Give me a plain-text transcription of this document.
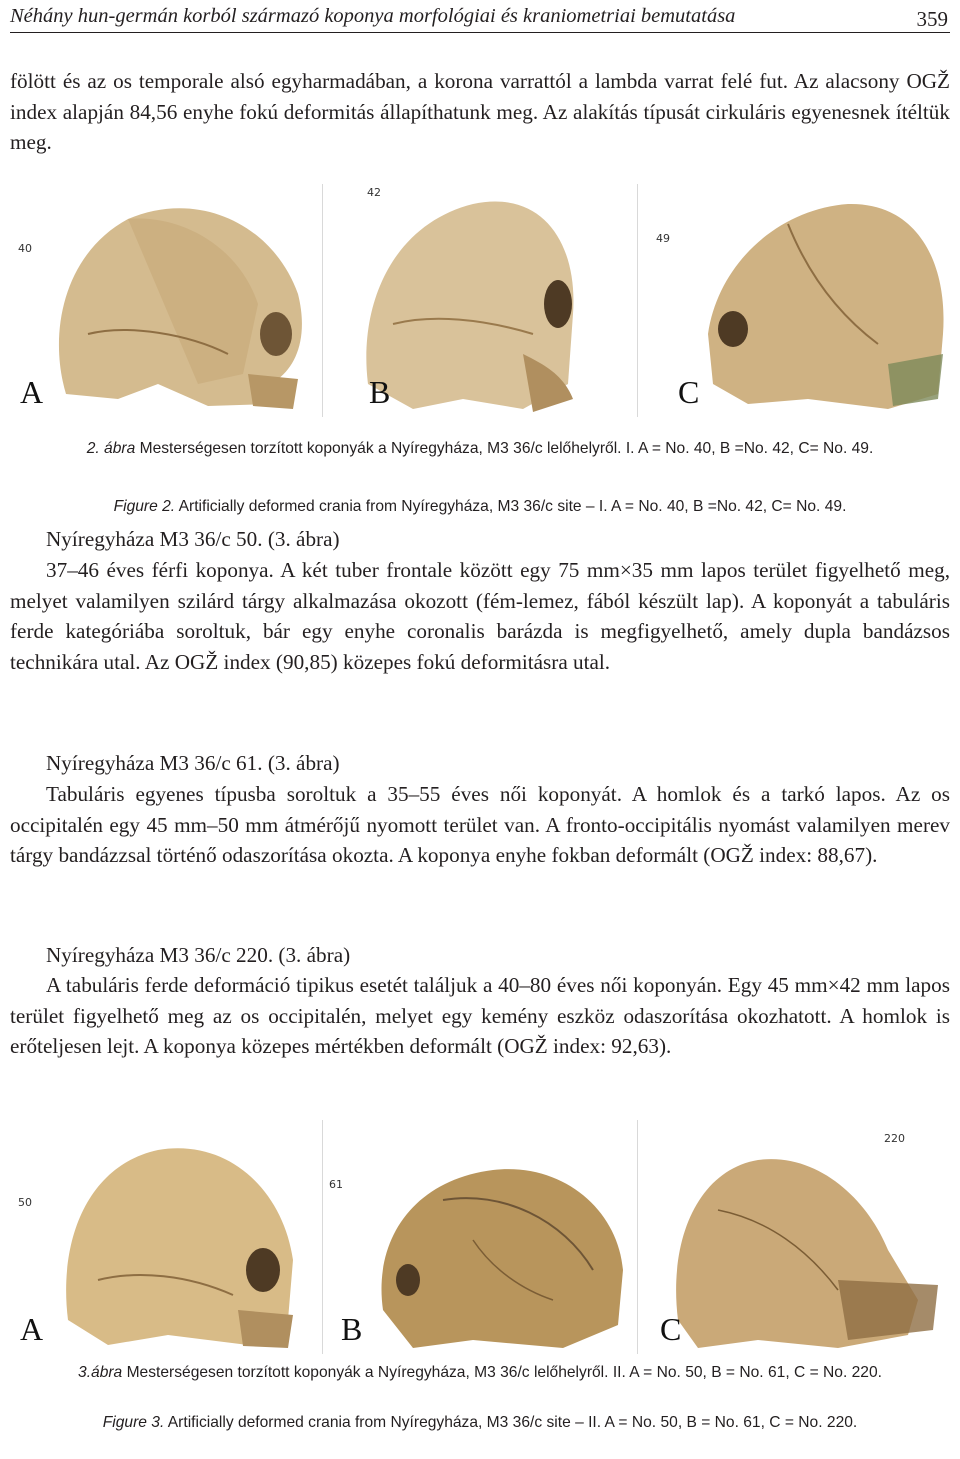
Néhány hun-germán korból származó koponya morfológiai és kraniometriai bemutatása	359

fölött és az os temporale alsó egyharmadában, a korona varrattól a lambda varrat felé fut. Az alacsony OGŽ index alapján 84,56 enyhe fokú deformitás állapíthatunk meg. Az alakítás típusát cirkuláris egyenesnek ítéltük meg.

40
A
42
B
49
C

2. ábra Mesterségesen torzított koponyák a Nyíregyháza, M3 36/c lelőhelyről. I. A = No. 40, B =No. 42, C= No. 49.

Figure 2. Artificially deformed crania from Nyíregyháza, M3 36/c site – I. A = No. 40, B =No. 42, C= No. 49.

Nyíregyháza M3 36/c 50. (3. ábra)

37–46 éves férfi koponya. A két tuber frontale között egy 75 mm×35 mm lapos terület figyelhető meg, melyet valamilyen szilárd tárgy alkalmazása okozott (fém-lemez, fából készült lap). A koponyát a tabuláris ferde kategóriába soroltuk, bár egy enyhe coronalis barázda is megfigyelhető, amely dupla bandázsos technikára utal. Az OGŽ index (90,85) közepes fokú deformitásra utal.

Nyíregyháza M3 36/c 61. (3. ábra)

Tabuláris egyenes típusba soroltuk a 35–55 éves női koponyát. A homlok és a tarkó lapos. Az os occipitalén egy 45 mm–50 mm átmérőjű nyomott terület van. A fronto-occipitális nyomást valamilyen merev tárgy bandázzsal történő odaszorítása okozta. A koponya enyhe fokban deformált (OGŽ index: 88,67).

Nyíregyháza M3 36/c 220. (3. ábra)

A tabuláris ferde deformáció tipikus esetét találjuk a 40–80 éves női koponyán. Egy 45 mm×42 mm lapos terület figyelhető meg az os occipitalén, melyet egy kemény eszköz odaszorítása okozhatott. A homlok is erőteljesen lejt. A koponya közepes mértékben deformált (OGŽ index: 92,63).

50
A
61
B
220
C

3.ábra Mesterségesen torzított koponyák a Nyíregyháza, M3 36/c lelőhelyről. II. A = No. 50, B = No. 61, C = No. 220.

Figure 3. Artificially deformed crania from Nyíregyháza, M3 36/c site – II. A = No. 50, B = No. 61, C = No. 220.
